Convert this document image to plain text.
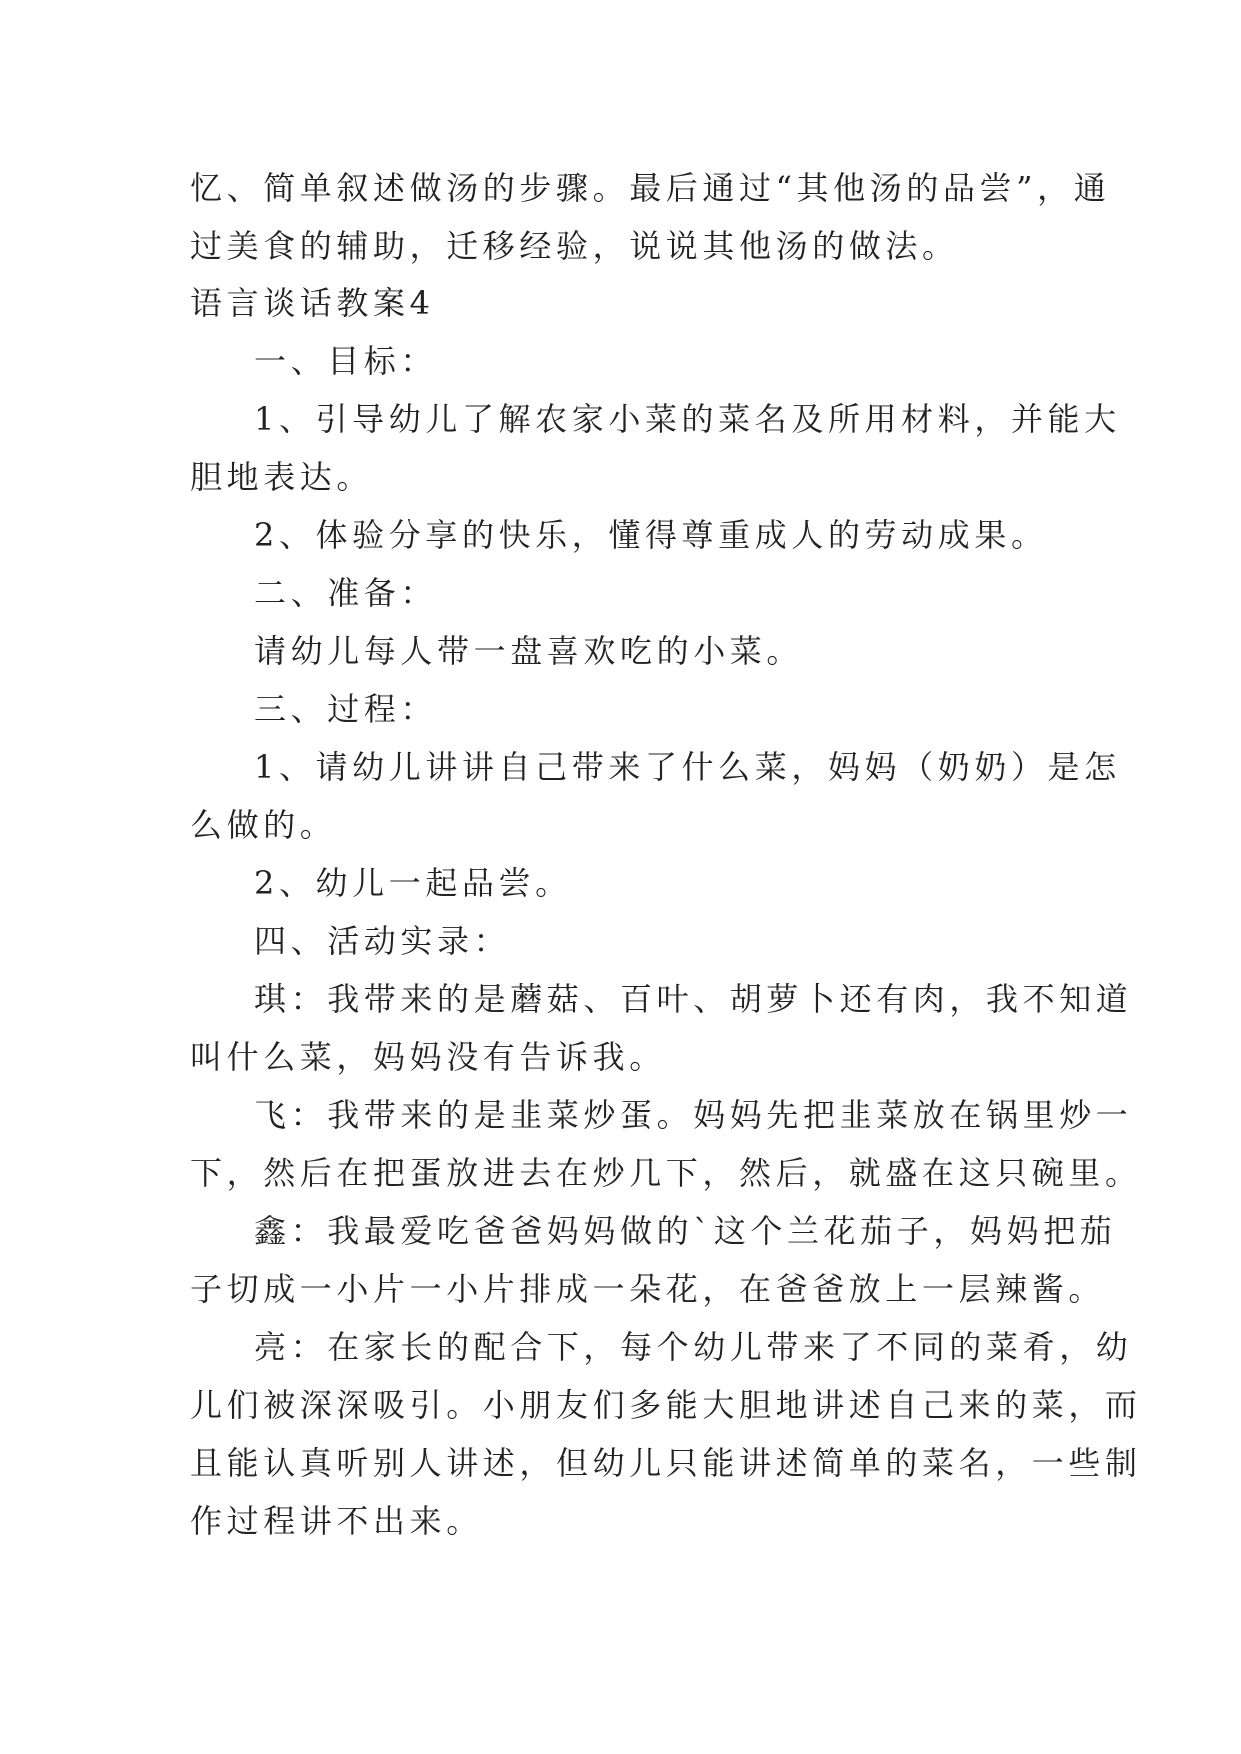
忆、简单叙述做汤的步骤。最后通过“其他汤的品尝”，通
过美食的辅助，迁移经验，说说其他汤的做法。
语言谈话教案4
一、目标：
1、引导幼儿了解农家小菜的菜名及所用材料，并能大
胆地表达。
2、体验分享的快乐，懂得尊重成人的劳动成果。
二、准备：
请幼儿每人带一盘喜欢吃的小菜。
三、过程：
1、请幼儿讲讲自己带来了什么菜，妈妈（奶奶）是怎
么做的。
2、幼儿一起品尝。
四、活动实录：
琪：我带来的是蘑菇、百叶、胡萝卜还有肉，我不知道
叫什么菜，妈妈没有告诉我。
飞：我带来的是韭菜炒蛋。妈妈先把韭菜放在锅里炒一
下，然后在把蛋放进去在炒几下，然后，就盛在这只碗里。
鑫：我最爱吃爸爸妈妈做的`这个兰花茄子，妈妈把茄
子切成一小片一小片排成一朵花，在爸爸放上一层辣酱。
亮：在家长的配合下，每个幼儿带来了不同的菜肴，幼
儿们被深深吸引。小朋友们多能大胆地讲述自己来的菜，而
且能认真听别人讲述，但幼儿只能讲述简单的菜名，一些制
作过程讲不出来。
